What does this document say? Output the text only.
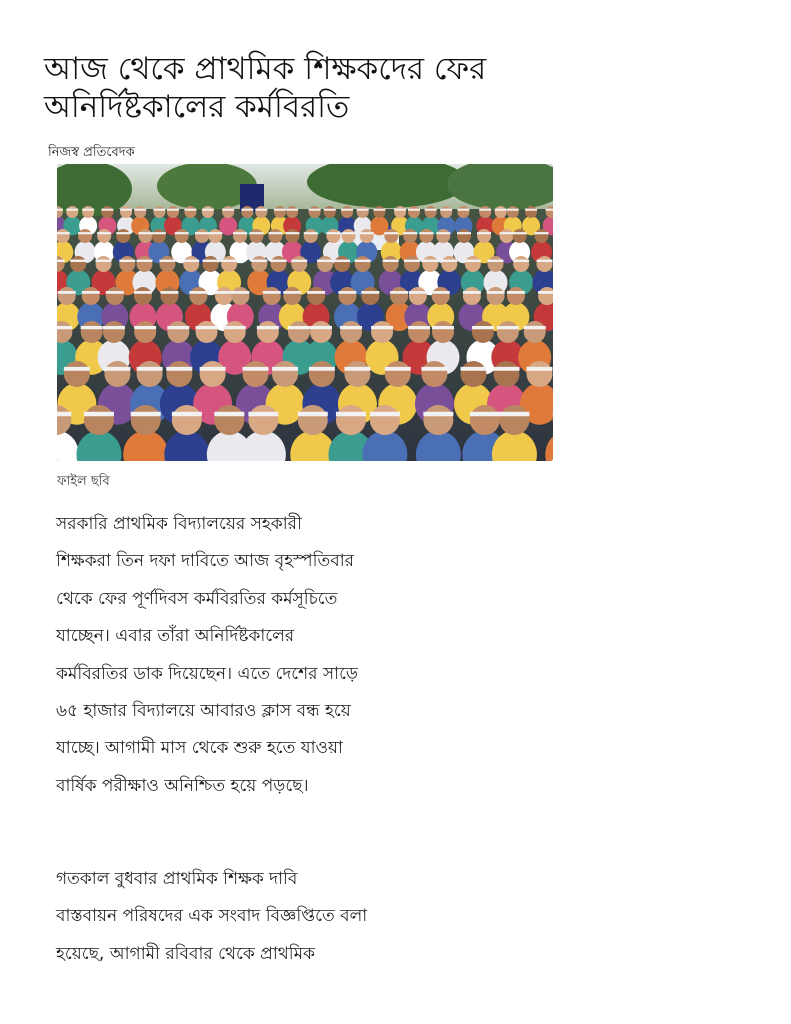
আজ থেকে প্রাথমিক শিক্ষকদের ফের
অনির্দিষ্টকালের কর্মবিরতি
নিজস্ব প্রতিবেদক
ফাইল ছবি

সরকারি প্রাথমিক বিদ্যালয়ের সহকারী
শিক্ষকরা তিন দফা দাবিতে আজ বৃহস্পতিবার
থেকে ফের পূর্ণদিবস কর্মবিরতির কর্মসূচিতে
যাচ্ছেন। এবার তাঁরা অনির্দিষ্টকালের
কর্মবিরতির ডাক দিয়েছেন। এতে দেশের সাড়ে
৬৫ হাজার বিদ্যালয়ে আবারও ক্লাস বন্ধ হয়ে
যাচ্ছে। আগামী মাস থেকে শুরু হতে যাওয়া
বার্ষিক পরীক্ষাও অনিশ্চিত হয়ে পড়ছে।

গতকাল বুধবার প্রাথমিক শিক্ষক দাবি
বাস্তবায়ন পরিষদের এক সংবাদ বিজ্ঞপ্তিতে বলা
হয়েছে, আগামী রবিবার থেকে প্রাথমিক
